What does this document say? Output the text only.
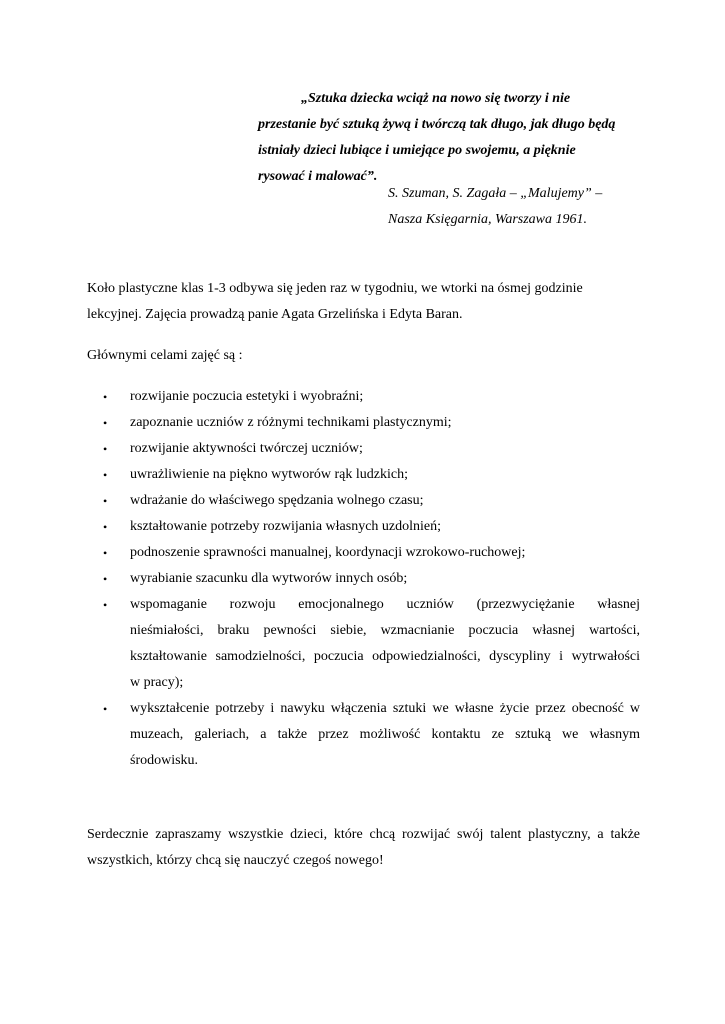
„Sztuka dziecka wciąż na nowo się tworzy i nie
przestanie być sztuką żywą i twórczą tak długo, jak długo będą
istniały dzieci lubiące i umiejące po swojemu, a pięknie
rysować i malować”.
S. Szuman, S. Zagała – „Malujemy” –
Nasza Księgarnia, Warszawa 1961.
Koło plastyczne klas 1-3 odbywa się jeden raz w tygodniu, we wtorki na ósmej godzinie
lekcyjnej. Zajęcia prowadzą panie Agata Grzelińska i Edyta Baran.
Głównymi celami zajęć są :
• rozwijanie poczucia estetyki i wyobraźni;
• zapoznanie uczniów z różnymi technikami plastycznymi;
• rozwijanie aktywności twórczej uczniów;
• uwrażliwienie na piękno wytworów rąk ludzkich;
• wdrażanie do właściwego spędzania wolnego czasu;
• kształtowanie potrzeby rozwijania własnych uzdolnień;
• podnoszenie sprawności manualnej, koordynacji wzrokowo-ruchowej;
• wyrabianie szacunku dla wytworów innych osób;
• wspomaganie rozwoju emocjonalnego uczniów (przezwyciężanie własnej
nieśmiałości, braku pewności siebie, wzmacnianie poczucia własnej wartości,
kształtowanie samodzielności, poczucia odpowiedzialności, dyscypliny i wytrwałości
w pracy);
• wykształcenie potrzeby i nawyku włączenia sztuki we własne życie przez obecność w
muzeach, galeriach, a także przez możliwość kontaktu ze sztuką we własnym
środowisku.
Serdecznie zapraszamy wszystkie dzieci, które chcą rozwijać swój talent plastyczny, a także
wszystkich, którzy chcą się nauczyć czegoś nowego!
